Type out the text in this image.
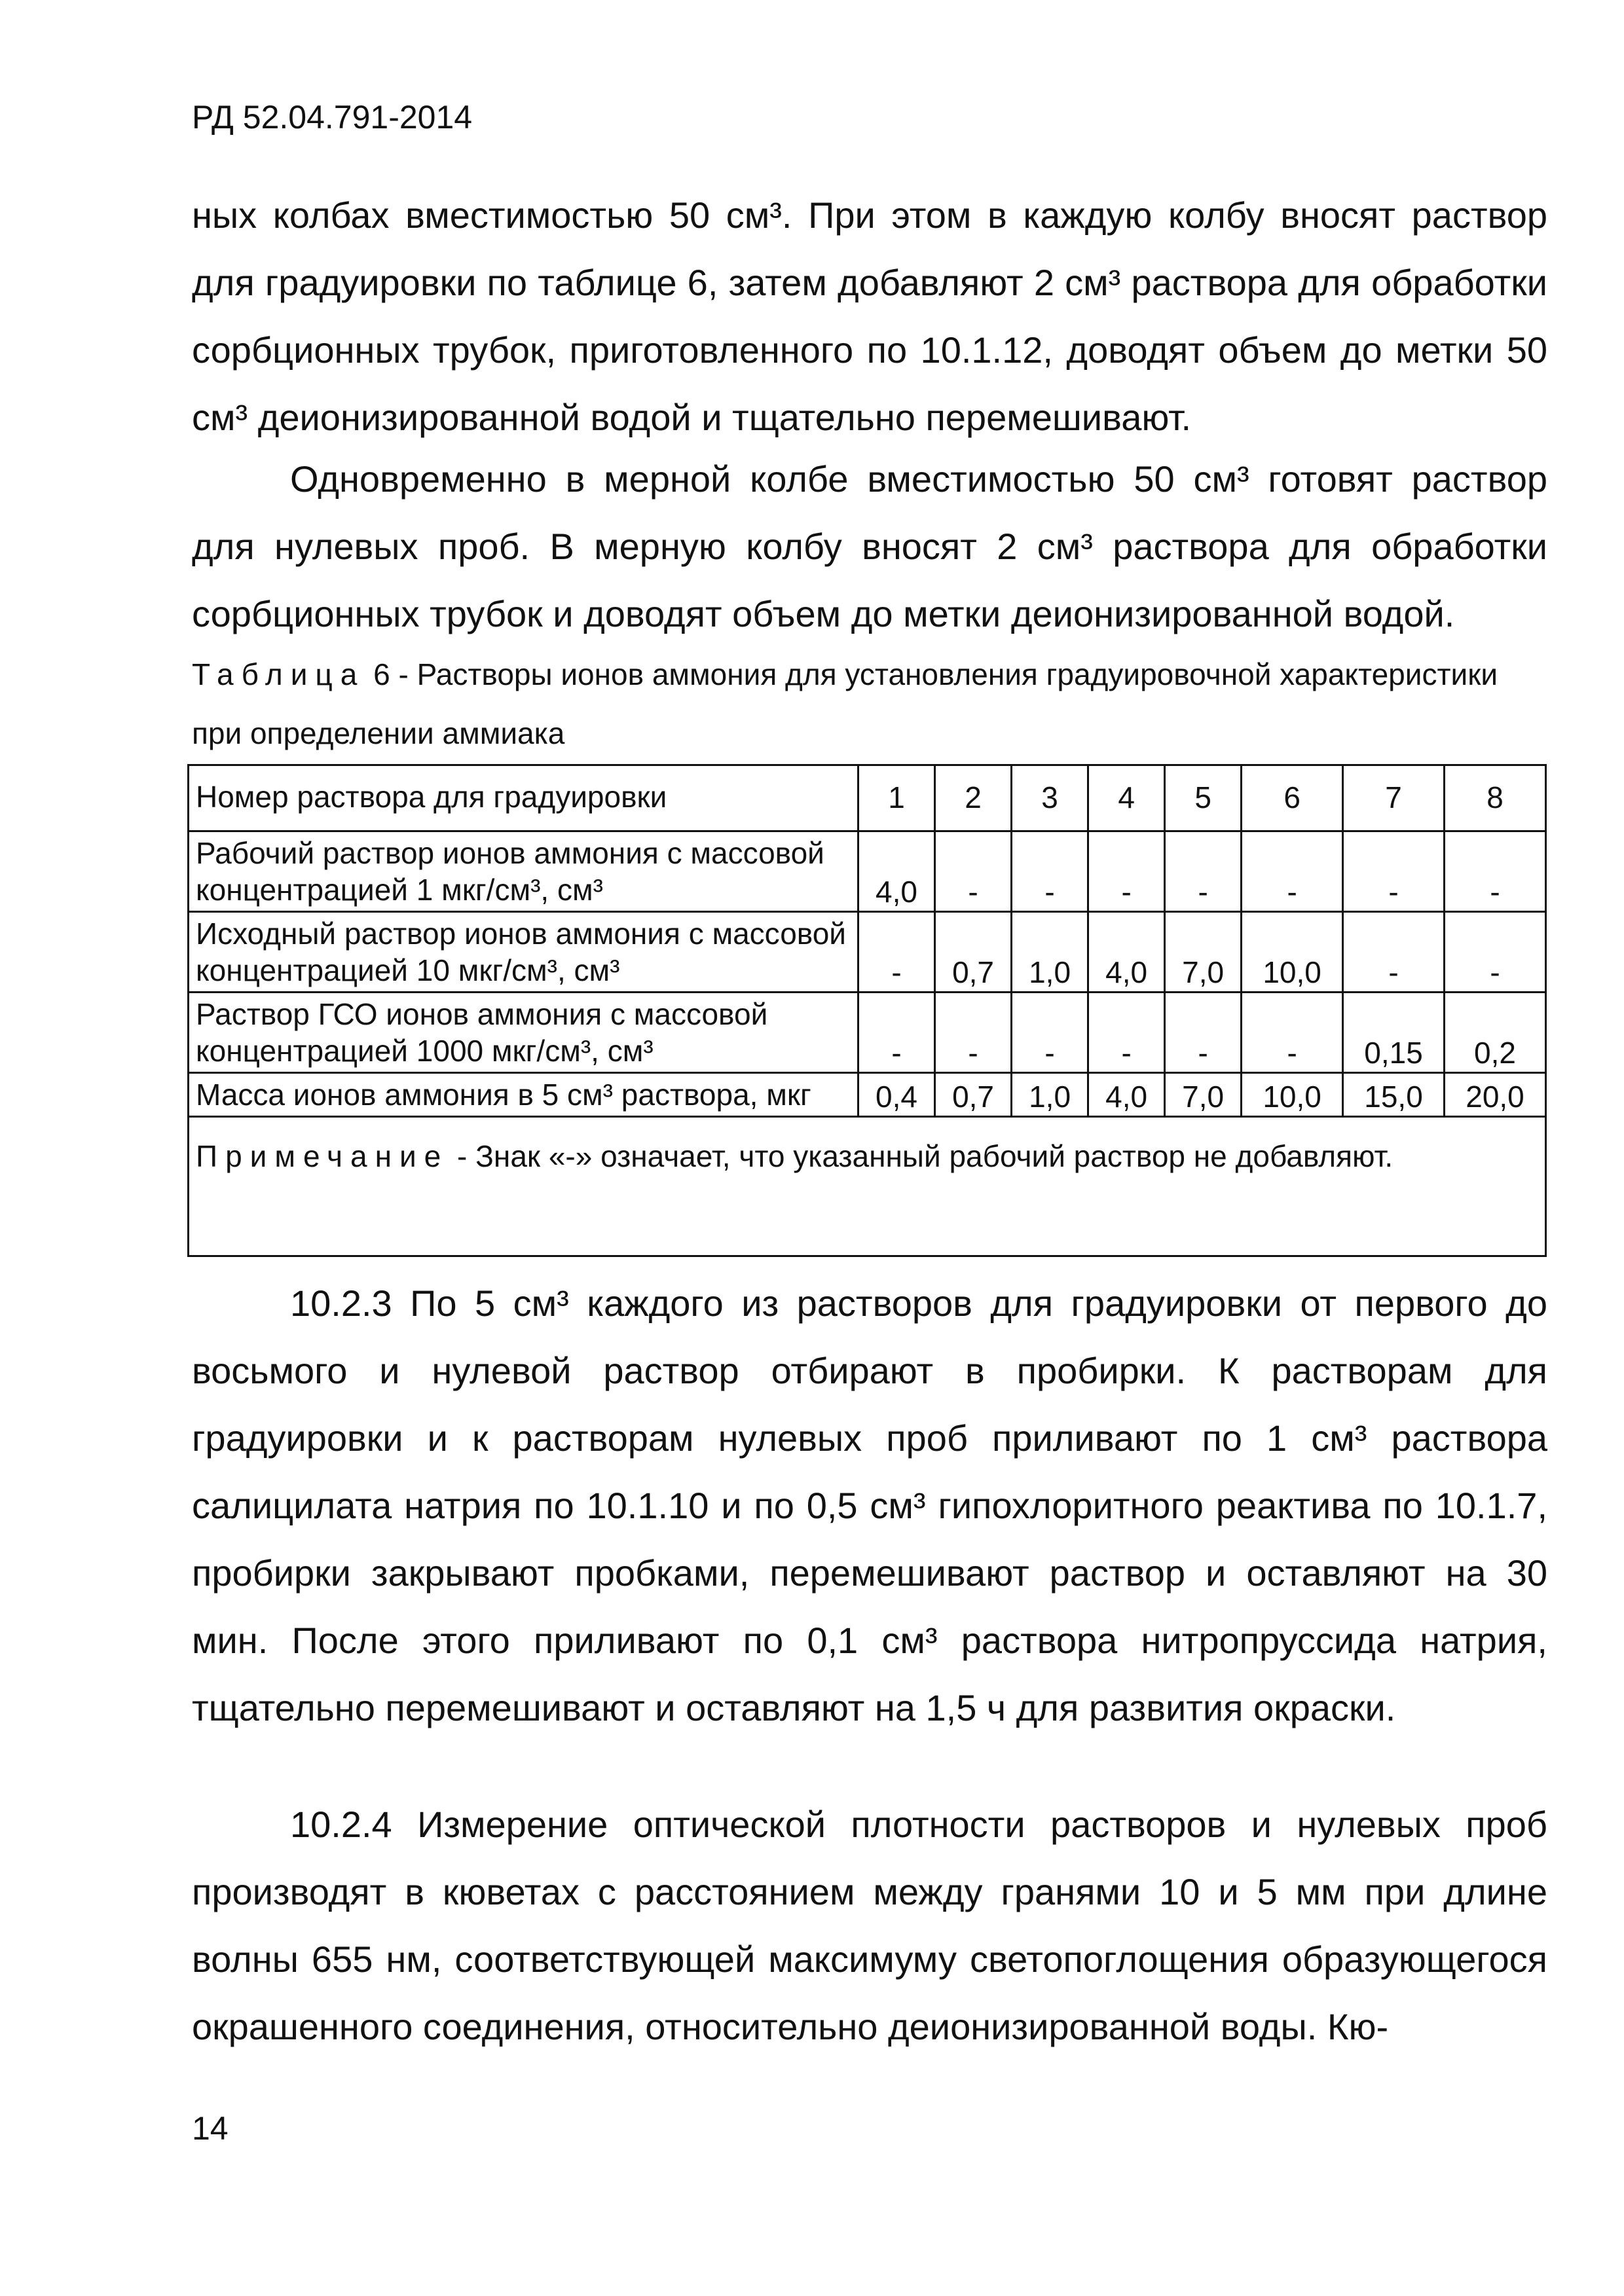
РД 52.04.791-2014

ных колбах вместимостью 50 см³. При этом в каждую колбу вносят раствор для градуировки по таблице 6, затем добавляют 2 см³ раствора для обработки сорбционных трубок, приготовленного по 10.1.12, доводят объем до метки 50 см³ деионизированной водой и тщательно перемешивают.

Одновременно в мерной колбе вместимостью 50 см³ готовят раствор для нулевых проб. В мерную колбу вносят 2 см³ раствора для обработки сорбционных трубок и доводят объем до метки деионизированной водой.

Таблица 6 - Растворы ионов аммония для установления градуировочной характеристики при определении аммиака
Номер раствора для градуировки	1	2	3	4	5	6	7	8
Рабочий раствор ионов аммония с массовой концентрацией 1 мкг/см³, см³	4,0	-	-	-	-	-	-	-
Исходный раствор ионов аммония с массовой концентрацией 10 мкг/см³, см³	-	0,7	1,0	4,0	7,0	10,0	-	-
Раствор ГСО ионов аммония с массовой концентрацией 1000 мкг/см³, см³	-	-	-	-	-	-	0,15	0,2
Масса ионов аммония в 5 см³ раствора, мкг	0,4	0,7	1,0	4,0	7,0	10,0	15,0	20,0
Примечание - Знак «-» означает, что указанный рабочий раствор не добавляют.								

10.2.3 По 5 см³ каждого из растворов для градуировки от первого до восьмого и нулевой раствор отбирают в пробирки. К растворам для градуировки и к растворам нулевых проб приливают по 1 см³ раствора салицилата натрия по 10.1.10 и по 0,5 см³ гипохлоритного реактива по 10.1.7, пробирки закрывают пробками, перемешивают раствор и оставляют на 30 мин. После этого приливают по 0,1 см³ раствора нитропруссида натрия, тщательно перемешивают и оставляют на 1,5 ч для развития окраски.

10.2.4 Измерение оптической плотности растворов и нулевых проб производят в кюветах с расстоянием между гранями 10 и 5 мм при длине волны 655 нм, соответствующей максимуму светопоглощения образующегося окрашенного соединения, относительно деионизированной воды. Кю-

14
